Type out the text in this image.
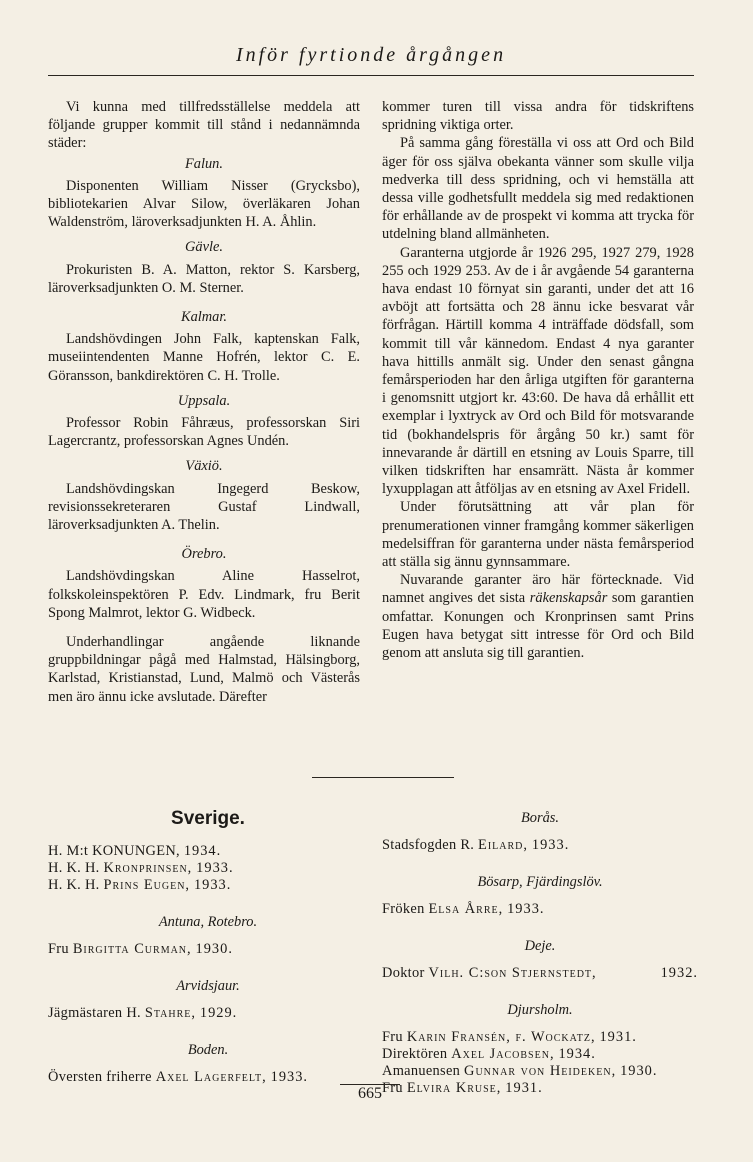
Inför fyrtionde årgången

Vi kunna med tillfredsställelse meddela att följande grupper kommit till stånd i nedannämnda städer:

Falun.

Disponenten William Nisser (Grycksbo), bibliotekarien Alvar Silow, överläkaren Johan Waldenström, läroverksadjunkten H. A. Åhlin.

Gävle.

Prokuristen B. A. Matton, rektor S. Karsberg, läroverksadjunkten O. M. Sterner.

Kalmar.

Landshövdingen John Falk, kaptenskan Falk, museiintendenten Manne Hofrén, lektor C. E. Göransson, bankdirektören C. H. Trolle.

Uppsala.

Professor Robin Fåhræus, professorskan Siri Lagercrantz, professorskan Agnes Undén.

Växiö.

Landshövdingskan Ingegerd Beskow, revisionssekreteraren Gustaf Lindwall, läroverksadjunkten A. Thelin.

Örebro.

Landshövdingskan Aline Hasselrot, folkskoleinspektören P. Edv. Lindmark, fru Berit Spong Malmrot, lektor G. Widbeck.

Underhandlingar angående liknande gruppbildningar pågå med Halmstad, Hälsingborg, Karlstad, Kristianstad, Lund, Malmö och Västerås men äro ännu icke avslutade. Därefter

kommer turen till vissa andra för tidskriftens spridning viktiga orter.

På samma gång föreställa vi oss att Ord och Bild äger för oss själva obekanta vänner som skulle vilja medverka till dess spridning, och vi hemställa att dessa ville godhetsfullt meddela sig med redaktionen för erhållande av de prospekt vi komma att trycka för utdelning bland allmänheten.

Garanterna utgjorde år 1926 295, 1927 279, 1928 255 och 1929 253. Av de i år avgående 54 garanterna hava endast 10 förnyat sin garanti, under det att 16 avböjt att fortsätta och 28 ännu icke besvarat vår förfrågan. Härtill komma 4 inträffade dödsfall, som kommit till vår kännedom. Endast 4 nya garanter hava hittills anmält sig. Under den senast gångna femårsperioden har den årliga utgiften för garanterna i genomsnitt utgjort kr. 43:60. De hava då erhållit ett exemplar i lyxtryck av Ord och Bild för motsvarande tid (bokhandelspris för årgång 50 kr.) samt för innevarande år därtill en etsning av Louis Sparre, till vilken tidskriften har ensamrätt. Nästa år kommer lyxupplagan att åtföljas av en etsning av Axel Fridell.

Under förutsättning att vår plan för prenumerationen vinner framgång kommer säkerligen medelsiffran för garanterna under nästa femårsperiod att ställa sig ännu gynnsammare.

Nuvarande garanter äro här förtecknade. Vid namnet angives det sista räkenskapsår som garantien omfattar. Konungen och Kronprinsen samt Prins Eugen hava betygat sitt intresse för Ord och Bild genom att ansluta sig till garantien.

Sverige.

H. M:t KONUNGEN, 1934.

H. K. H. Kronprinsen, 1933.

H. K. H. Prins Eugen, 1933.

Antuna, Rotebro.

Fru Birgitta Curman, 1930.

Arvidsjaur.

Jägmästaren H. Stahre, 1929.

Boden.

Översten friherre Axel Lagerfelt, 1933.

Borås.

Stadsfogden R. Eilard, 1933.

Bösarp, Fjärdingslöv.

Fröken Elsa Årre, 1933.

Deje.

Doktor Vilh. C:son Stjernstedt,	1932.

Djursholm.

Fru Karin Fransén, f. Wockatz, 1931.

Direktören Axel Jacobsen, 1934.

Amanuensen Gunnar von Heideken, 1930.

Fru Elvira Kruse, 1931.

665
